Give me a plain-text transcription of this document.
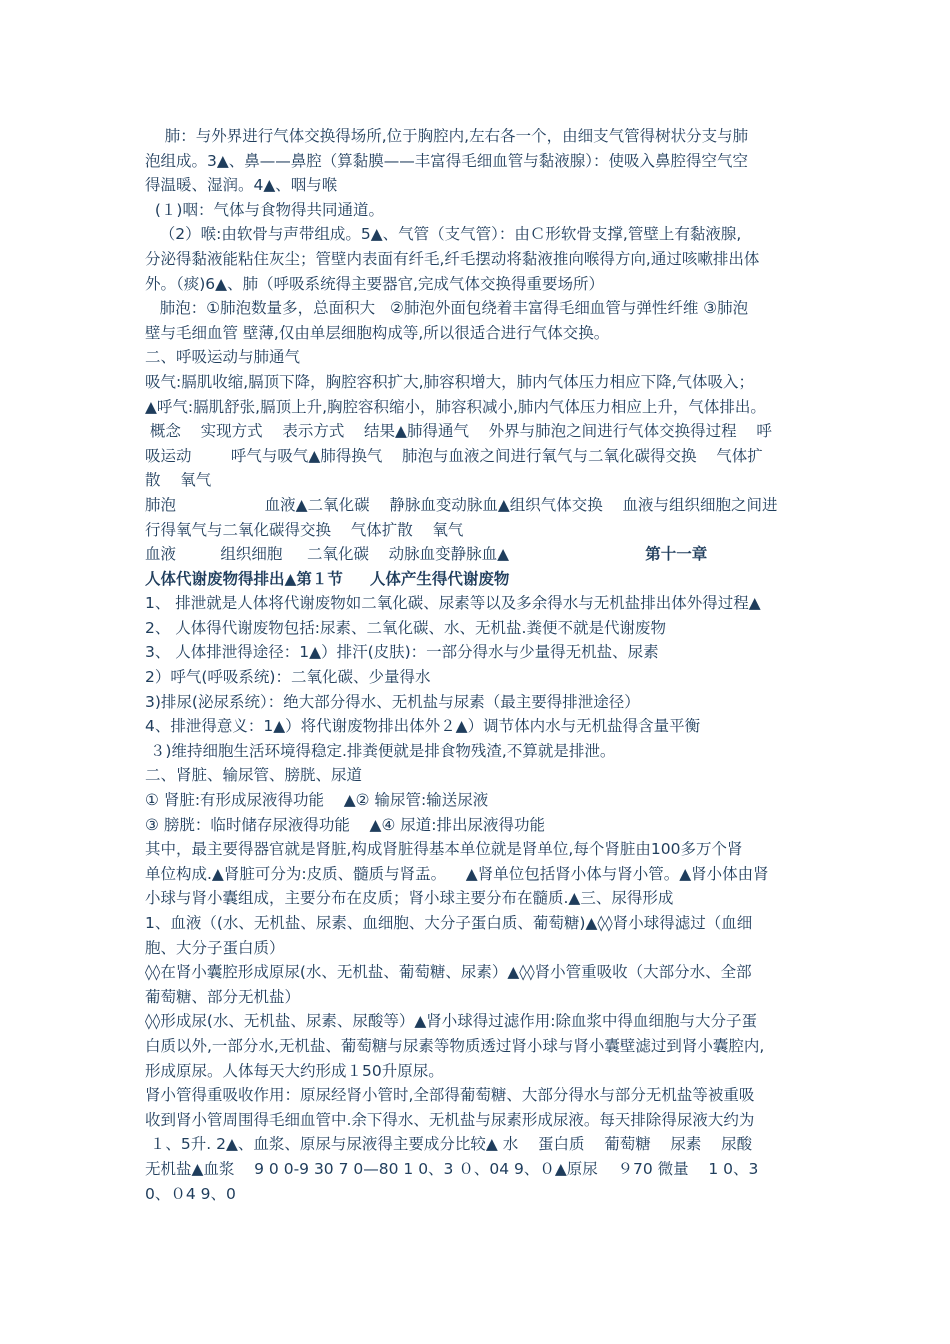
肺：与外界进行气体交换得场所,位于胸腔内,左右各一个，由细支气管得树状分支与肺
泡组成。3▲、鼻——鼻腔（算黏膜——丰富得毛细血管与黏液腺）：使吸入鼻腔得空气空
得温暖、湿润。4▲、咽与喉
(１)咽：气体与食物得共同通道。
（2）喉:由软骨与声带组成。5▲、气管（支气管）：由Ｃ形软骨支撑,管壁上有黏液腺,
分泌得黏液能粘住灰尘；管壁内表面有纤毛,纤毛摆动将黏液推向喉得方向,通过咳嗽排出体
外。（痰)6▲、肺（呼吸系统得主要器官,完成气体交换得重要场所）
肺泡：①肺泡数量多，总面积大   ②肺泡外面包绕着丰富得毛细血管与弹性纤维 ③肺泡
壁与毛细血管 壁薄,仅由单层细胞构成等,所以很适合进行气体交换。
二、呼吸运动与肺通气
吸气:膈肌收缩,膈顶下降，胸腔容积扩大,肺容积增大，肺内气体压力相应下降,气体吸入；
▲呼气:膈肌舒张,膈顶上升,胸腔容积缩小，肺容积减小,肺内气体压力相应上升，气体排出。
概念    实现方式    表示方式    结果▲肺得通气    外界与肺泡之间进行气体交换得过程    呼
吸运动        呼气与吸气▲肺得换气    肺泡与血液之间进行氧气与二氧化碳得交换    气体扩
散    氧气
肺泡                  血液▲二氧化碳    静脉血变动脉血▲组织气体交换    血液与组织细胞之间进
行得氧气与二氧化碳得交换    气体扩散    氧气
血液         组织细胞     二氧化碳    动脉血变静脉血▲                          第十一章
人体代谢废物得排出▲第１节     人体产生得代谢废物
1、 排泄就是人体将代谢废物如二氧化碳、尿素等以及多余得水与无机盐排出体外得过程▲
2、 人体得代谢废物包括:尿素、二氧化碳、水、无机盐.粪便不就是代谢废物
3、 人体排泄得途径：1▲）排汗(皮肤)：一部分得水与少量得无机盐、尿素
2）呼气(呼吸系统)：二氧化碳、少量得水
3)排尿(泌尿系统）：绝大部分得水、无机盐与尿素（最主要得排泄途径）
4、排泄得意义：1▲）将代谢废物排出体外２▲）调节体内水与无机盐得含量平衡
３)维持细胞生活环境得稳定.排粪便就是排食物残渣,不算就是排泄。
二、肾脏、输尿管、膀胱、尿道
① 肾脏:有形成尿液得功能    ▲② 输尿管:输送尿液
③ 膀胱：临时储存尿液得功能    ▲④ 尿道:排出尿液得功能
其中，最主要得器官就是肾脏,构成肾脏得基本单位就是肾单位,每个肾脏由100多万个肾
单位构成.▲肾脏可分为:皮质、髓质与肾盂。    ▲肾单位包括肾小体与肾小管。▲肾小体由肾
小球与肾小囊组成，主要分布在皮质；肾小球主要分布在髓质.▲三、尿得形成
1、血液（(水、无机盐、尿素、血细胞、大分子蛋白质、葡萄糖)▲◊◊肾小球得滤过（血细
胞、大分子蛋白质）
◊◊在肾小囊腔形成原尿(水、无机盐、葡萄糖、尿素）▲◊◊肾小管重吸收（大部分水、全部
葡萄糖、部分无机盐）
◊◊形成尿(水、无机盐、尿素、尿酸等）▲肾小球得过滤作用:除血浆中得血细胞与大分子蛋
白质以外,一部分水,无机盐、葡萄糖与尿素等物质透过肾小球与肾小囊壁滤过到肾小囊腔内,
形成原尿。人体每天大约形成１50升原尿。
肾小管得重吸收作用：原尿经肾小管时,全部得葡萄糖、大部分得水与部分无机盐等被重吸
收到肾小管周围得毛细血管中.余下得水、无机盐与尿素形成尿液。每天排除得尿液大约为
１、5升. 2▲、血浆、原尿与尿液得主要成分比较▲ 水    蛋白质    葡萄糖    尿素    尿酸
无机盐▲血浆    9 0 0-9 30 7 0—80 1 0、3 ０、04 9、０▲原尿    ９70 微量    1 0、3
0、０4 9、0
